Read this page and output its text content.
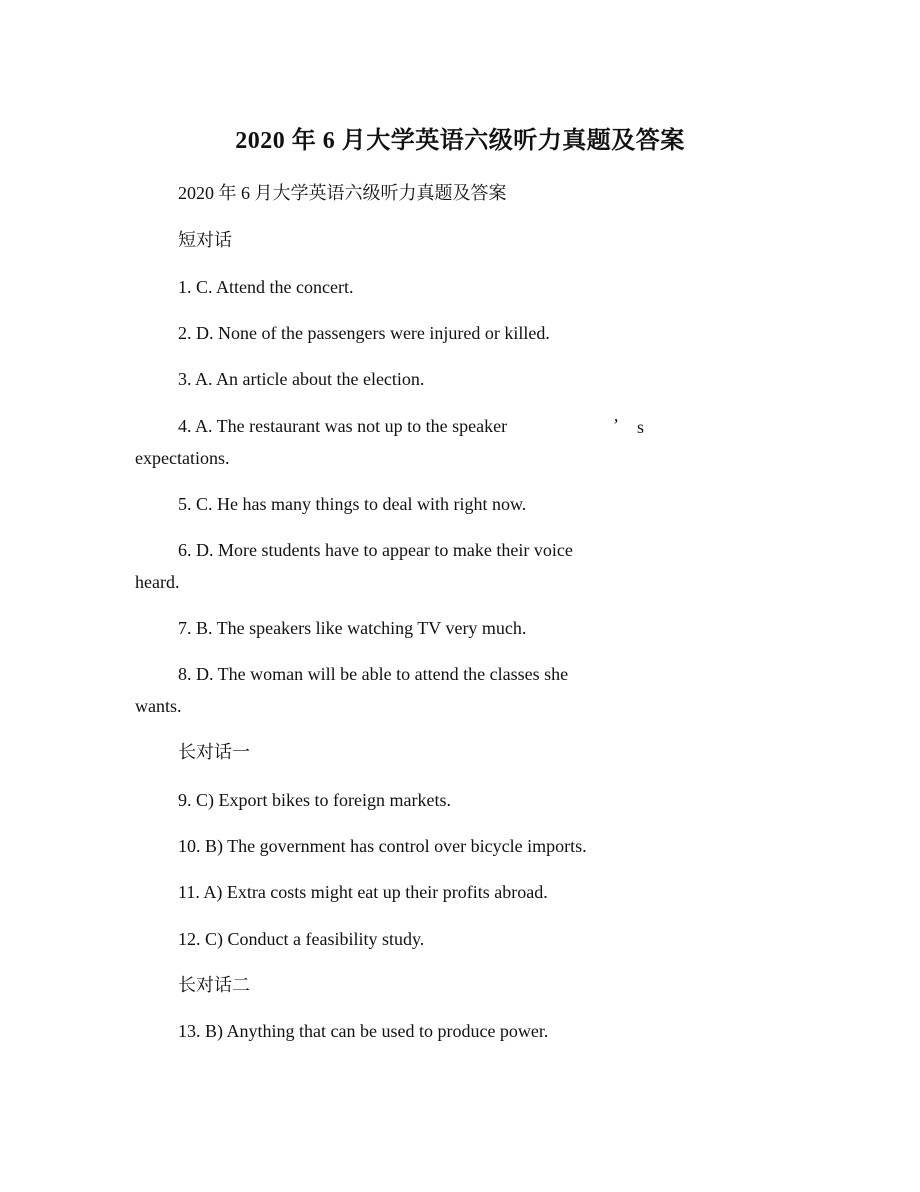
2020 年 6 月大学英语六级听力真题及答案

2020 年 6 月大学英语六级听力真题及答案

短对话

1. C. Attend the concert.

2. D. None of the passengers were injured or killed.

3. A. An article about the election.

4. A. The restaurant was not up to the speaker	’ s

expectations.

5. C. He has many things to deal with right now.

6. D. More students have to appear to make their voice

heard.

7. B. The speakers like watching TV very much.

8. D. The woman will be able to attend the classes she

wants.

长对话一

9. C) Export bikes to foreign markets.

10. B) The government has control over bicycle imports.

11. A) Extra costs might eat up their profits abroad.

12. C) Conduct a feasibility study.

长对话二

13. B) Anything that can be used to produce power.
